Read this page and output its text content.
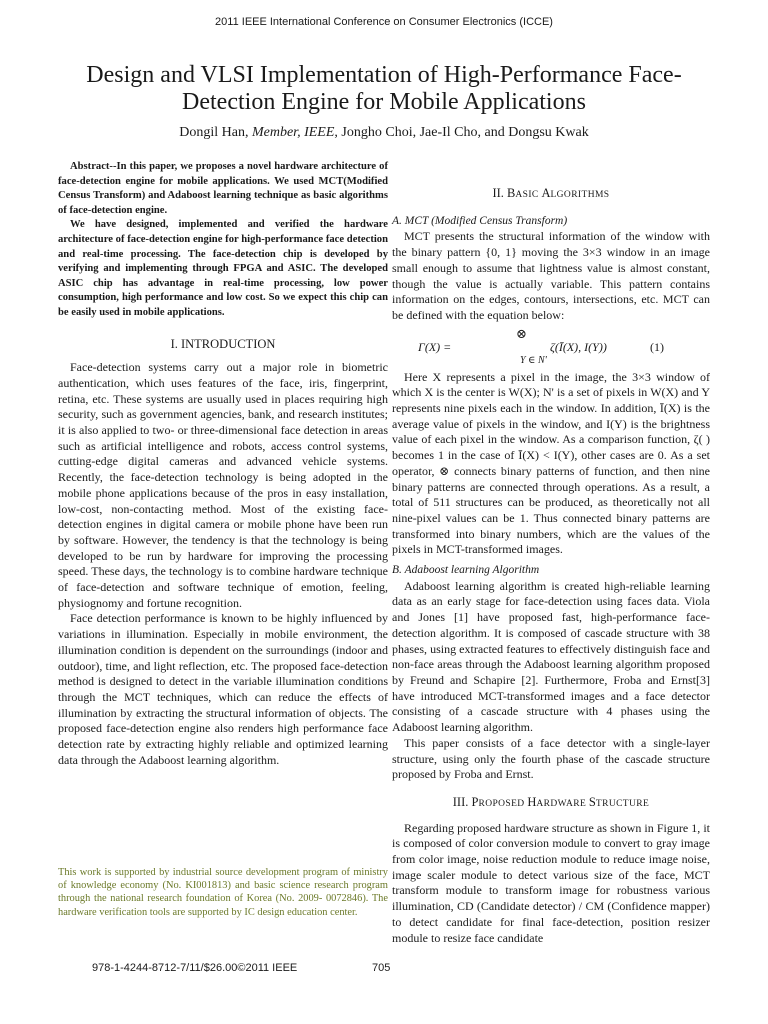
2011 IEEE International Conference on Consumer Electronics (ICCE)
Design and VLSI Implementation of High-Performance Face-
Detection Engine for Mobile Applications
Dongil Han, Member, IEEE, Jongho Choi, Jae-Il Cho, and Dongsu Kwak

Abstract--In this paper, we proposes a novel hardware architecture of face-detection engine for mobile applications. We used MCT(Modified Census Transform) and Adaboost learning technique as basic algorithms of face-detection engine.

We have designed, implemented and verified the hardware architecture of face-detection engine for high-performance face detection and real-time processing. The face-detection chip is developed by verifying and implementing through FPGA and ASIC. The developed ASIC chip has advantage in real-time processing, low power consumption, high performance and low cost. So we expect this chip can be easily used in mobile applications.

I. INTRODUCTION

Face-detection systems carry out a major role in biometric authentication, which uses features of the face, iris, fingerprint, retina, etc. These systems are usually used in places requiring high security, such as government agencies, bank, and research institutes; it is also applied to two- or three-dimensional face detection in areas such as artificial intelligence and robots, access control systems, cutting-edge digital cameras and advanced vehicle systems. Recently, the face-detection technology is being adopted in the mobile phone applications because of the pros in easy installation, low-cost, non-contacting method. Most of the existing face-detection engines in digital camera or mobile phone have been run by software. However, the tendency is that the technology is being developed to be run by hardware for improving the processing speed. These days, the technology is to combine hardware technique of face-detection and software technique of emotion, feeling, physiognomy and fortune recognition.

Face detection performance is known to be highly influenced by variations in illumination. Especially in mobile environment, the illumination condition is dependent on the surroundings (indoor and outdoor), time, and light reflection, etc. The proposed face-detection method is designed to detect in the variable illumination conditions through the MCT techniques, which can reduce the effects of illumination by extracting the structural information of objects. The proposed face-detection engine also renders high performance face detection rate by extracting highly reliable and optimized learning data through the Adaboost learning algorithm.

This work is supported by industrial source development program of ministry of knowledge economy (No. KI001813) and basic science research program through the national research foundation of Korea (No. 2009- 0072846). The hardware verification tools are supported by IC design education center.

II. BASIC ALGORITHMS

A. MCT (Modified Census Transform)

MCT presents the structural information of the window with the binary pattern {0, 1} moving the 3×3 window in an image small enough to assume that lightness value is almost constant, though the value is actually variable. This pattern contains information on the edges, contours, intersections, etc. MCT can be defined with the equation below:

⊗
Γ(X) =	ζ(Ī(X), I(Y))
Y ∈ N'
(1)

Here X represents a pixel in the image, the 3×3 window of which X is the center is W(X); N' is a set of pixels in W(X) and Y represents nine pixels each in the window. In addition, Ī(X) is the average value of pixels in the window, and I(Y) is the brightness value of each pixel in the window. As a comparison function, ζ( ) becomes 1 in the case of Ī(X) < I(Y), other cases are 0. As a set operator, ⊗ connects binary patterns of function, and then nine binary patterns are connected through operations. As a result, a total of 511 structures can be produced, as theoretically not all nine-pixel values can be 1. Thus connected binary patterns are transformed into binary numbers, which are the values of the pixels in MCT-transformed images.

B. Adaboost learning Algorithm

Adaboost learning algorithm is created high-reliable learning data as an early stage for face-detection using faces data. Viola and Jones [1] have proposed fast, high-performance face-detection algorithm. It is composed of cascade structure with 38 phases, using extracted features to effectively distinguish face and non-face areas through the Adaboost learning algorithm proposed by Freund and Schapire [2]. Furthermore, Froba and Ernst[3] have introduced MCT-transformed images and a face detector consisting of a cascade structure with 4 phases using the Adaboost learning algorithm.

This paper consists of a face detector with a single-layer structure, using only the fourth phase of the cascade structure proposed by Froba and Ernst.

III. PROPOSED HARDWARE STRUCTURE

Regarding proposed hardware structure as shown in Figure 1, it is composed of color conversion module to convert to gray image from color image, noise reduction module to reduce image noise, image scaler module to detect various size of the face, MCT transform module to transform image for robustness various illumination, CD (Candidate detector) / CM (Confidence mapper) to detect candidate for final face-detection, position resizer module to resize face candidate

978-1-4244-8712-7/11/$26.00©2011 IEEE	705
